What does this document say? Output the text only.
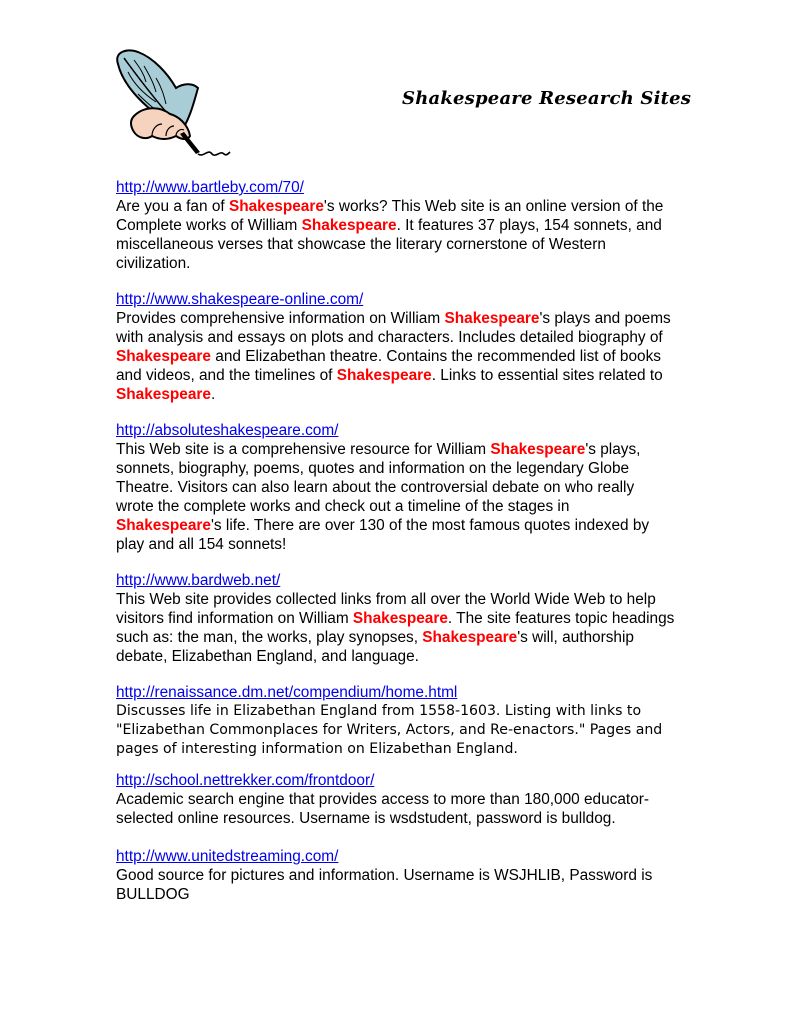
Shakespeare Research Sites
http://www.bartleby.com/70/
Are you a fan of Shakespeare's works? This Web site is an online version of the Complete works of William Shakespeare. It features 37 plays, 154 sonnets, and miscellaneous verses that showcase the literary cornerstone of Western civilization.
http://www.shakespeare-online.com/
Provides comprehensive information on William Shakespeare's plays and poems with analysis and essays on plots and characters. Includes detailed biography of Shakespeare and Elizabethan theatre. Contains the recommended list of books and videos, and the timelines of Shakespeare. Links to essential sites related to Shakespeare.
http://absoluteshakespeare.com/
This Web site is a comprehensive resource for William Shakespeare's plays, sonnets, biography, poems, quotes and information on the legendary Globe Theatre. Visitors can also learn about the controversial debate on who really wrote the complete works and check out a timeline of the stages in Shakespeare's life. There are over 130 of the most famous quotes indexed by play and all 154 sonnets!
http://www.bardweb.net/
This Web site provides collected links from all over the World Wide Web to help visitors find information on William Shakespeare. The site features topic headings such as: the man, the works, play synopses, Shakespeare's will, authorship debate, Elizabethan England, and language.
http://renaissance.dm.net/compendium/home.html
Discusses life in Elizabethan England from 1558-1603. Listing with links to "Elizabethan Commonplaces for Writers, Actors, and Re-enactors." Pages and pages of interesting information on Elizabethan England.
http://school.nettrekker.com/frontdoor/
Academic search engine that provides access to more than 180,000 educator-selected online resources. Username is wsdstudent, password is bulldog.
http://www.unitedstreaming.com/
Good source for pictures and information. Username is WSJHLIB, Password is BULLDOG
